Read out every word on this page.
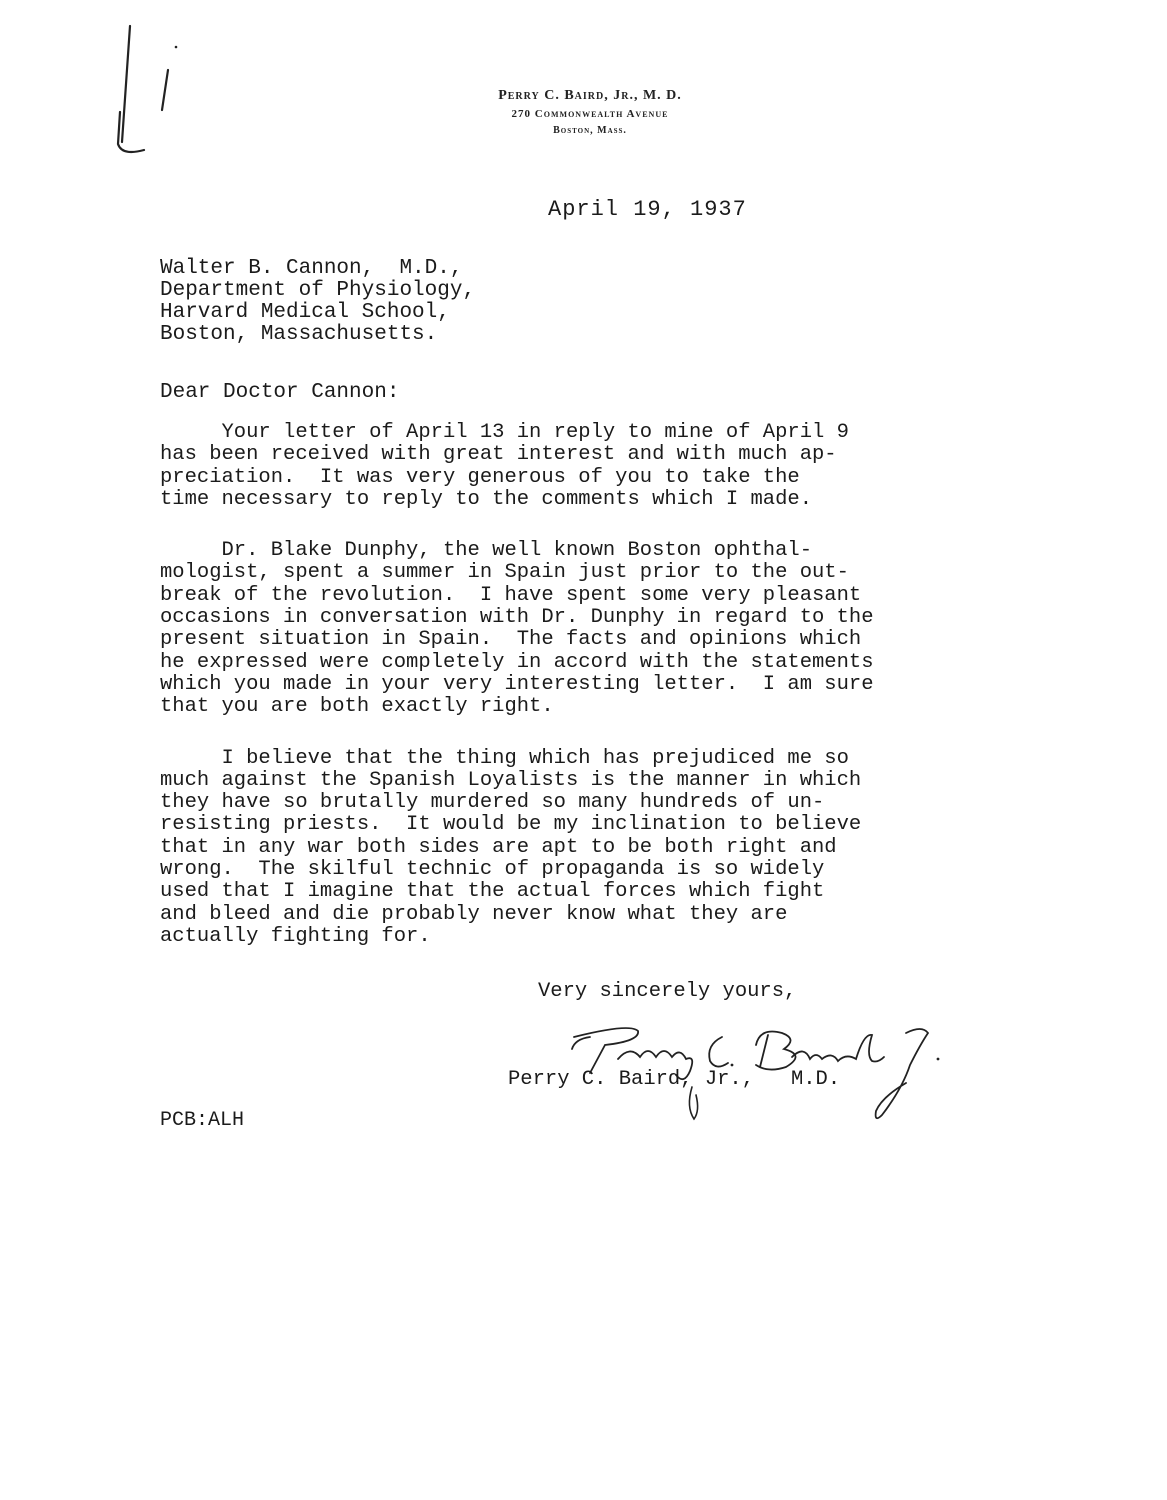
Perry C. Baird, Jr., M. D.
270 Commonwealth Avenue
Boston, Mass.
April 19, 1937
Walter B. Cannon,  M.D.,
Department of Physiology,
Harvard Medical School,
Boston, Massachusetts.
Dear Doctor Cannon:
Your letter of April 13 in reply to mine of April 9
has been received with great interest and with much ap-
preciation.  It was very generous of you to take the
time necessary to reply to the comments which I made.
Dr. Blake Dunphy, the well known Boston ophthal-
mologist, spent a summer in Spain just prior to the out-
break of the revolution.  I have spent some very pleasant
occasions in conversation with Dr. Dunphy in regard to the
present situation in Spain.  The facts and opinions which
he expressed were completely in accord with the statements
which you made in your very interesting letter.  I am sure
that you are both exactly right.
I believe that the thing which has prejudiced me so
much against the Spanish Loyalists is the manner in which
they have so brutally murdered so many hundreds of un-
resisting priests.  It would be my inclination to believe
that in any war both sides are apt to be both right and
wrong.  The skilful technic of propaganda is so widely
used that I imagine that the actual forces which fight
and bleed and die probably never know what they are
actually fighting for.
Very sincerely yours,
Perry C. Baird, Jr.,   M.D.
PCB:ALH
